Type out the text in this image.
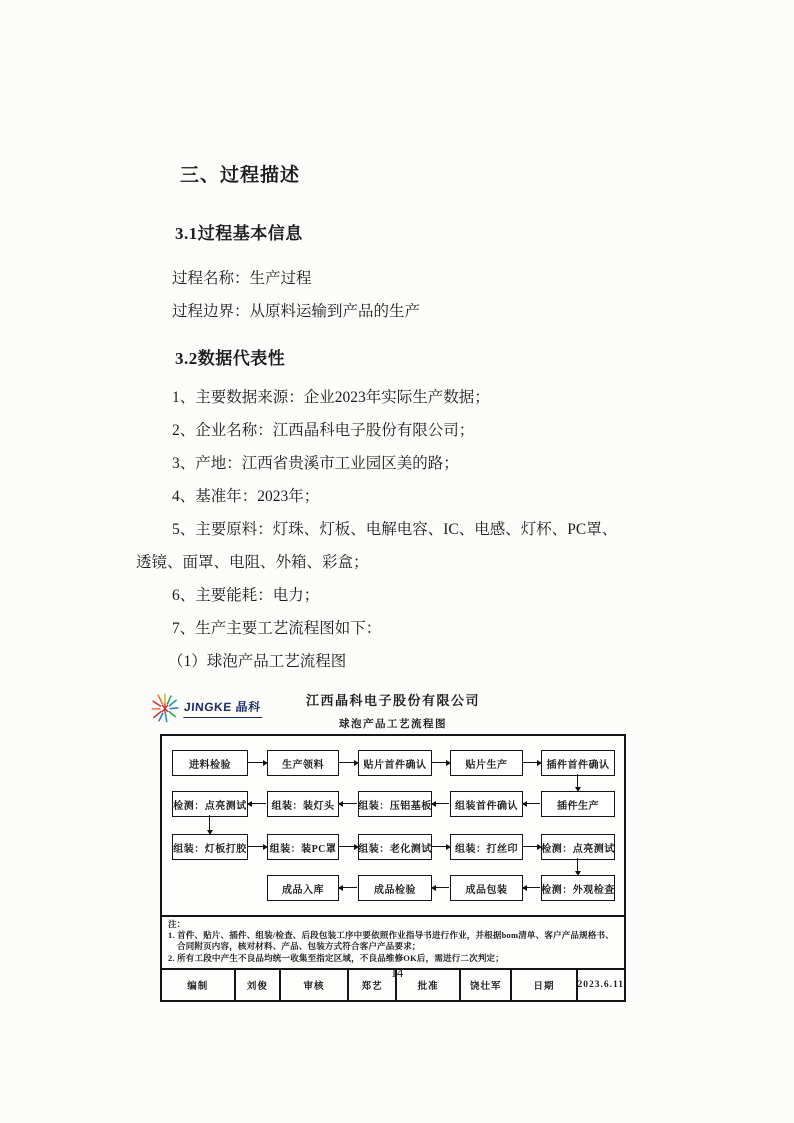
三、过程描述
3.1过程基本信息

过程名称：生产过程

过程边界：从原料运输到产品的生产

3.2数据代表性

1、主要数据来源：企业2023年实际生产数据；

2、企业名称：江西晶科电子股份有限公司；

3、产地：江西省贵溪市工业园区美的路；

4、基准年：2023年；

5、主要原料：灯珠、灯板、电解电容、IC、电感、灯杯、PC罩、

透镜、面罩、电阻、外箱、彩盒；

6、主要能耗：电力；

7、生产主要工艺流程图如下：

（1）球泡产品工艺流程图

JINGKE 晶科	江西晶科电子股份有限公司
球泡产品工艺流程图
进料检验	生产领料	贴片首件确认	贴片生产	插件首件确认
检测：点亮测试	组装：装灯头	组装：压铝基板	组装首件确认	插件生产
组装：灯板打胶 组装：装PC罩 组装：老化测试	组装：打丝印	检测：点亮测试
成品入库	成品检验	成品包装	检测：外观检查
注：
1. 首件、贴片、插件、组装/检查、后段包装工序中要依照作业指导书进行作业，并根据bom清单、客户产品规格书、合同附页内容，核对材料、产品、包装方式符合客户产品要求；
2. 所有工段中产生不良品均统一收集至指定区域，不良品维修OK后，需进行二次判定；
编制	刘俊	审核	郑艺	批准	饶壮军	日期	2023.6.11
14
